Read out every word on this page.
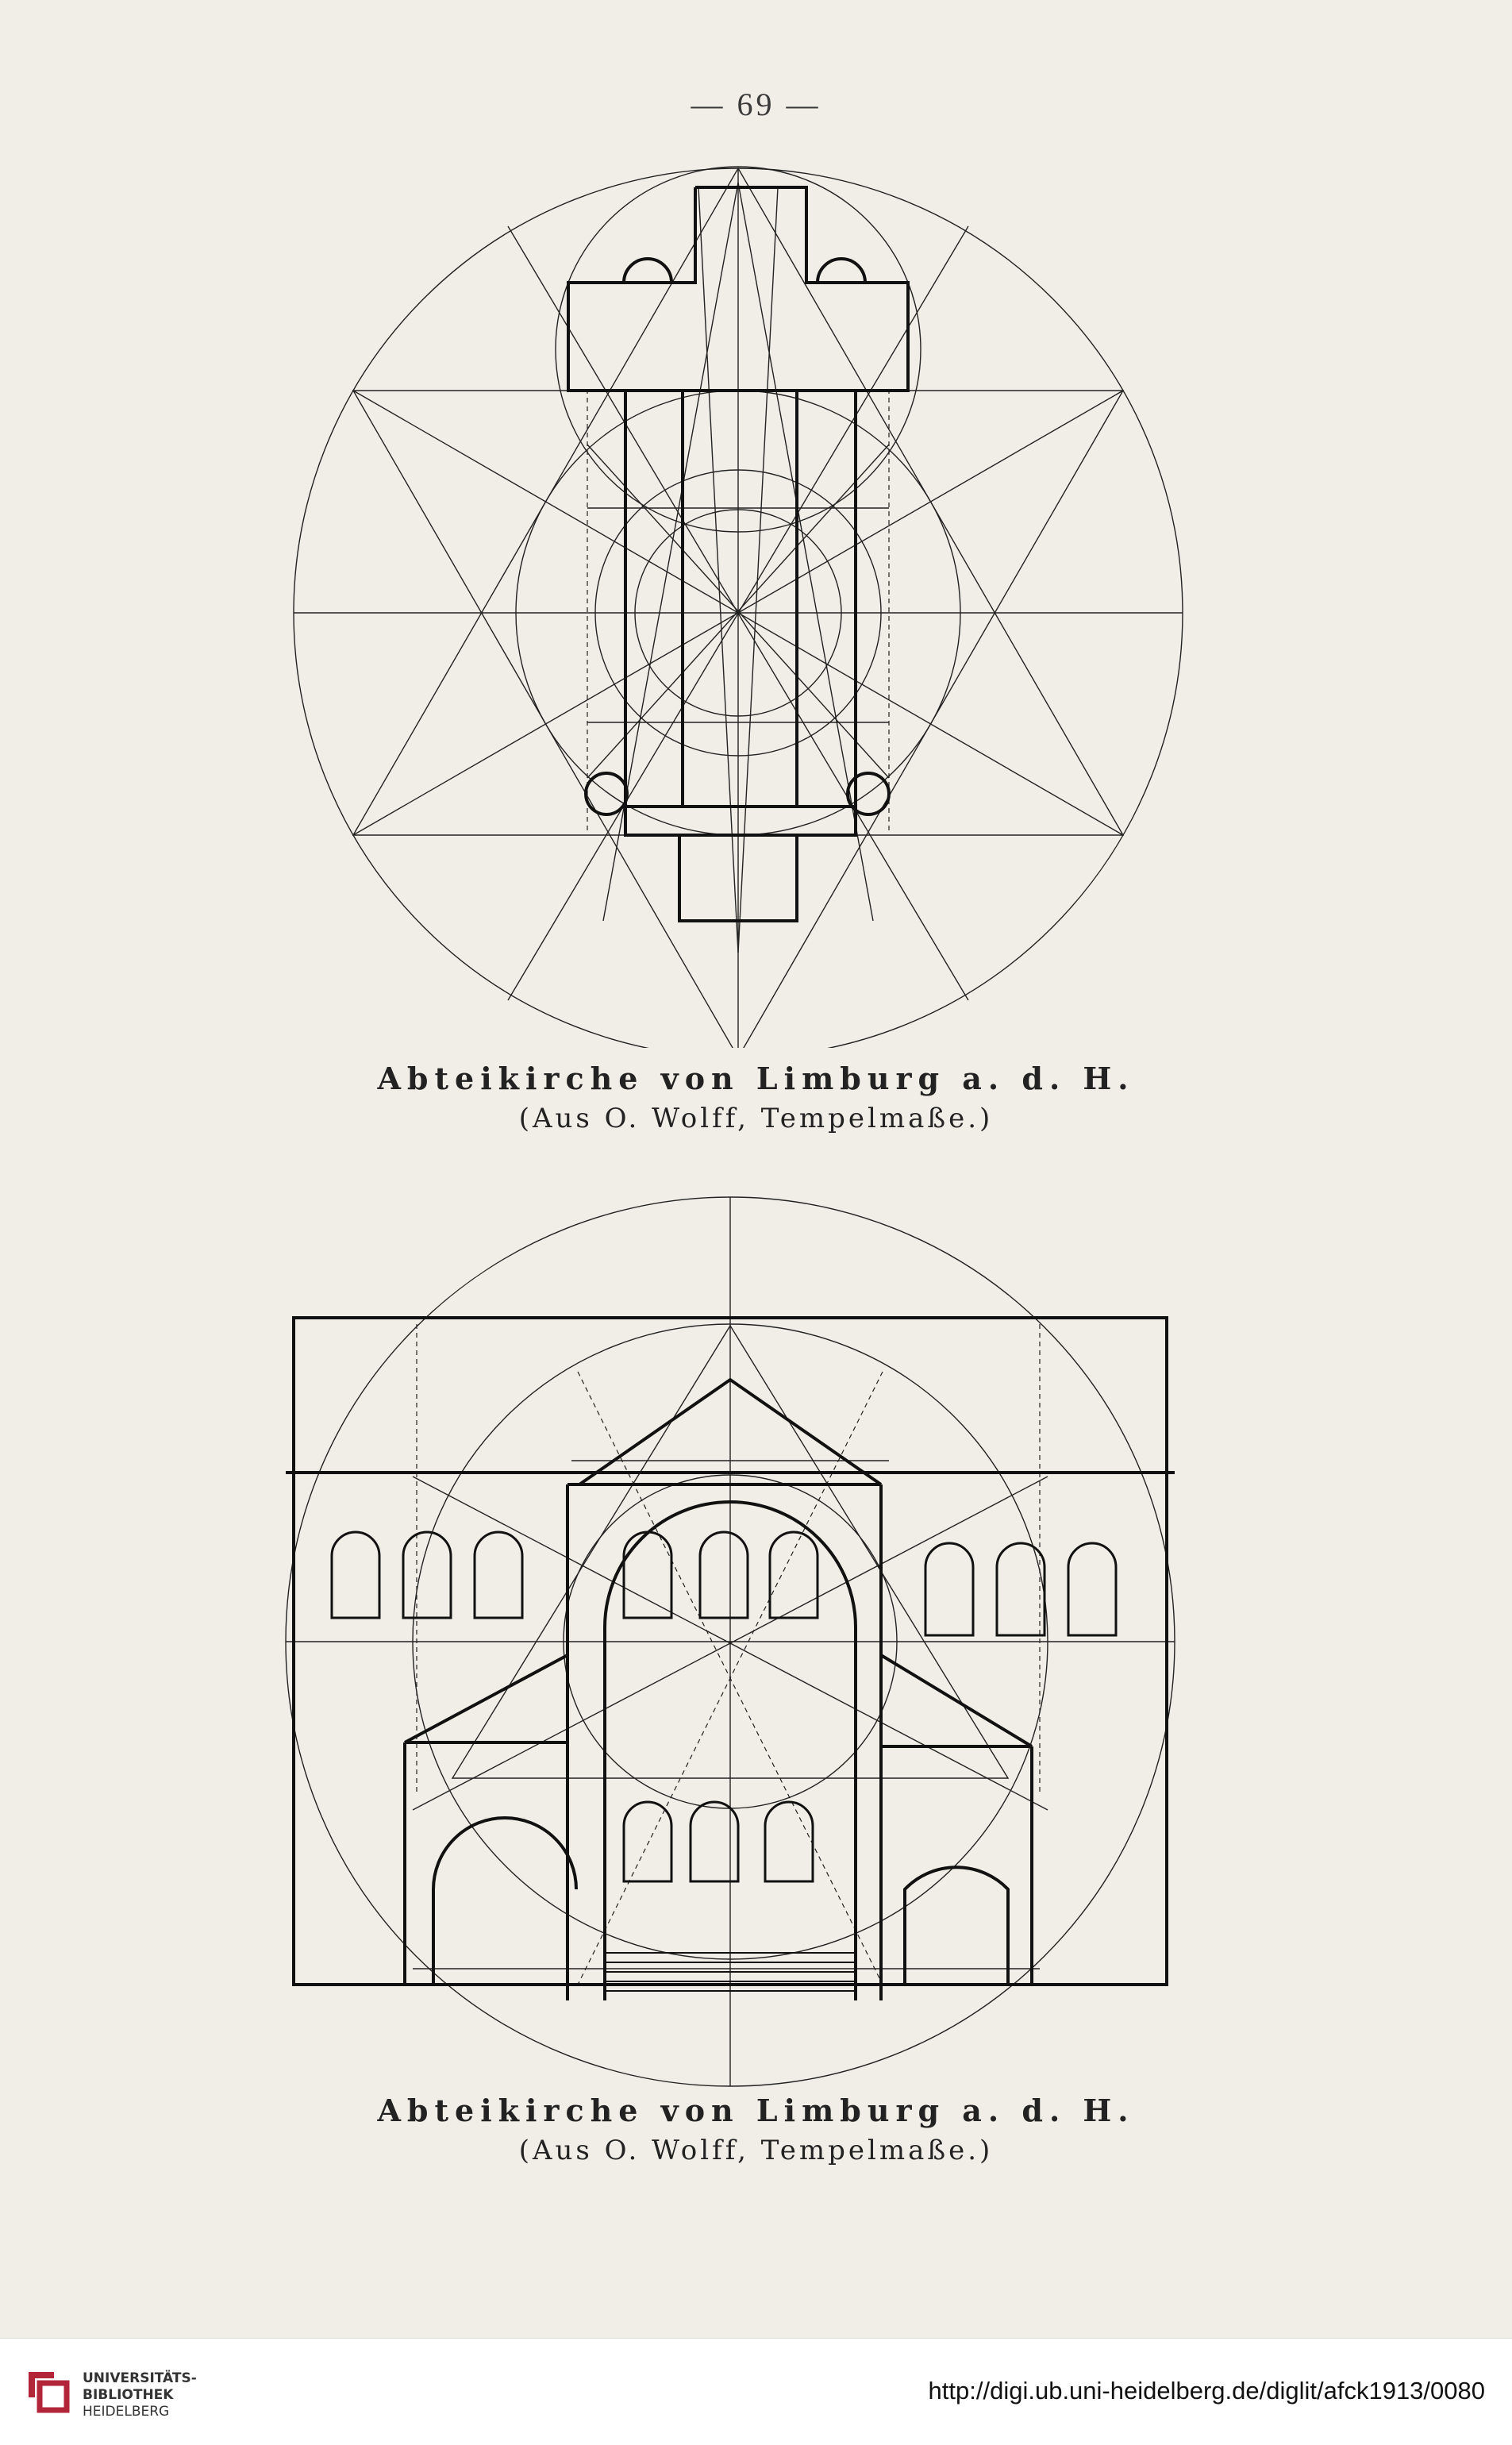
— 69 —
Abteikirche von Limburg a. d. H.
(Aus O. Wolff, Tempelmaße.)
Abteikirche von Limburg a. d. H.
(Aus O. Wolff, Tempelmaße.)
UNIVERSITÄTS-
BIBLIOTHEK
HEIDELBERG
http://digi.ub.uni-heidelberg.de/diglit/afck1913/0080
